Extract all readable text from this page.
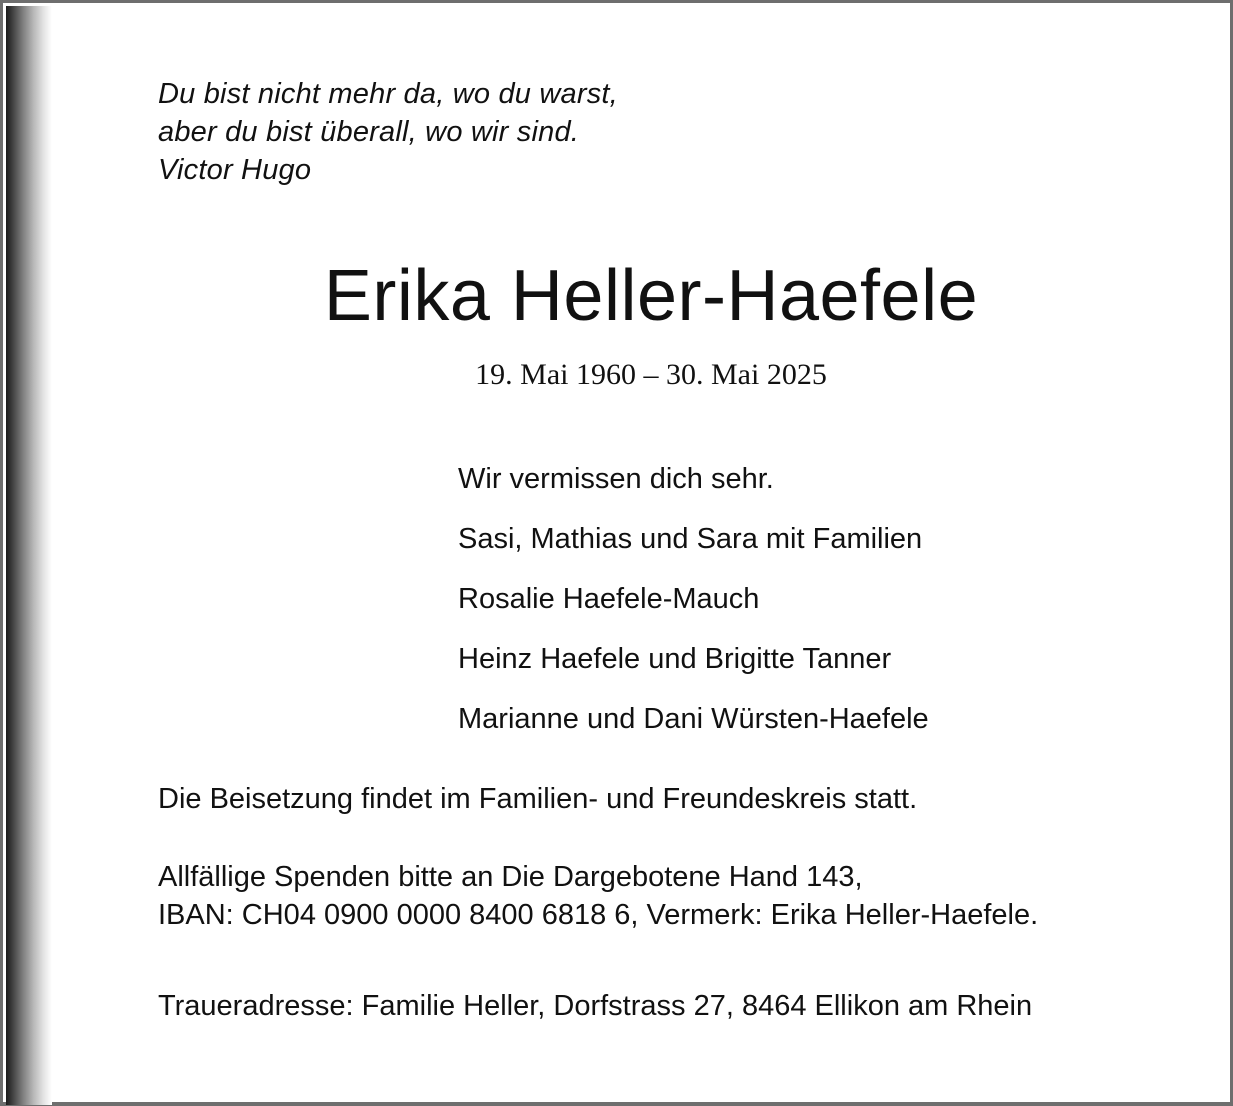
Du bist nicht mehr da, wo du warst,
aber du bist überall, wo wir sind.
Victor Hugo
Erika Heller-Haefele
19. Mai 1960 – 30. Mai 2025
Wir vermissen dich sehr.
Sasi, Mathias und Sara mit Familien
Rosalie Haefele-Mauch
Heinz Haefele und Brigitte Tanner
Marianne und Dani Würsten-Haefele
Die Beisetzung findet im Familien- und Freundeskreis statt.
Allfällige Spenden bitte an Die Dargebotene Hand 143,
IBAN: CH04 0900 0000 8400 6818 6, Vermerk: Erika Heller-Haefele.
Traueradresse: Familie Heller, Dorfstrass 27, 8464 Ellikon am Rhein
